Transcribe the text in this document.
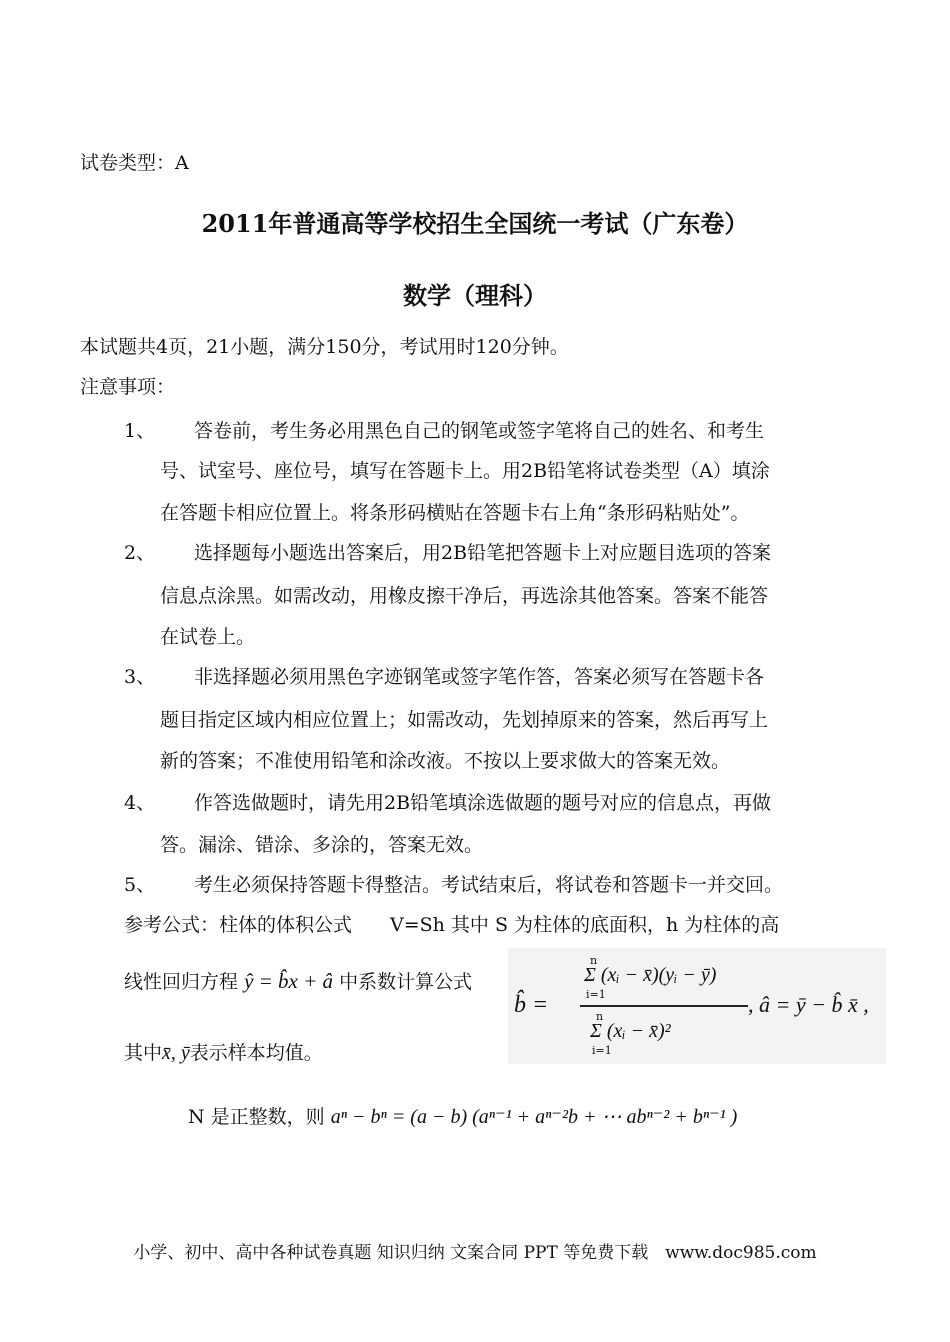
试卷类型：A
2011年普通高等学校招生全国统一考试（广东卷）
数学（理科）
本试题共4页，21小题，满分150分，考试用时120分钟。
注意事项：
1、 答卷前，考生务必用黑色自己的钢笔或签字笔将自己的姓名、和考生
号、试室号、座位号，填写在答题卡上。用2B铅笔将试卷类型（A）填涂
在答题卡相应位置上。将条形码横贴在答题卡右上角“条形码粘贴处”。
2、 选择题每小题选出答案后，用2B铅笔把答题卡上对应题目选项的答案
信息点涂黑。如需改动，用橡皮擦干净后，再选涂其他答案。答案不能答
在试卷上。
3、 非选择题必须用黑色字迹钢笔或签字笔作答，答案必须写在答题卡各
题目指定区域内相应位置上；如需改动，先划掉原来的答案，然后再写上
新的答案；不准使用铅笔和涂改液。不按以上要求做大的答案无效。
4、 作答选做题时，请先用2B铅笔填涂选做题的题号对应的信息点，再做
答。漏涂、错涂、多涂的，答案无效。
5、 考生必须保持答题卡得整洁。考试结束后，将试卷和答题卡一并交回。
参考公式：柱体的体积公式　　V=Sh 其中 S 为柱体的底面积，h 为柱体的高
线性回归方程 ŷ = b̂x + â 中系数计算公式
b̂ =
n
Σ (xᵢ − x̄)(yᵢ − ȳ)
i=1
n
Σ (xᵢ − x̄)²
i=1
, â = ȳ − b̂ x̄ ,
其中x̄, ȳ表示样本均值。
N 是正整数，则 aⁿ − bⁿ = (a − b) (aⁿ⁻¹ + aⁿ⁻²b + ⋯ abⁿ⁻² + bⁿ⁻¹ )
小学、初中、高中各种试卷真题 知识归纳 文案合同 PPT 等免费下载　www.doc985.com
